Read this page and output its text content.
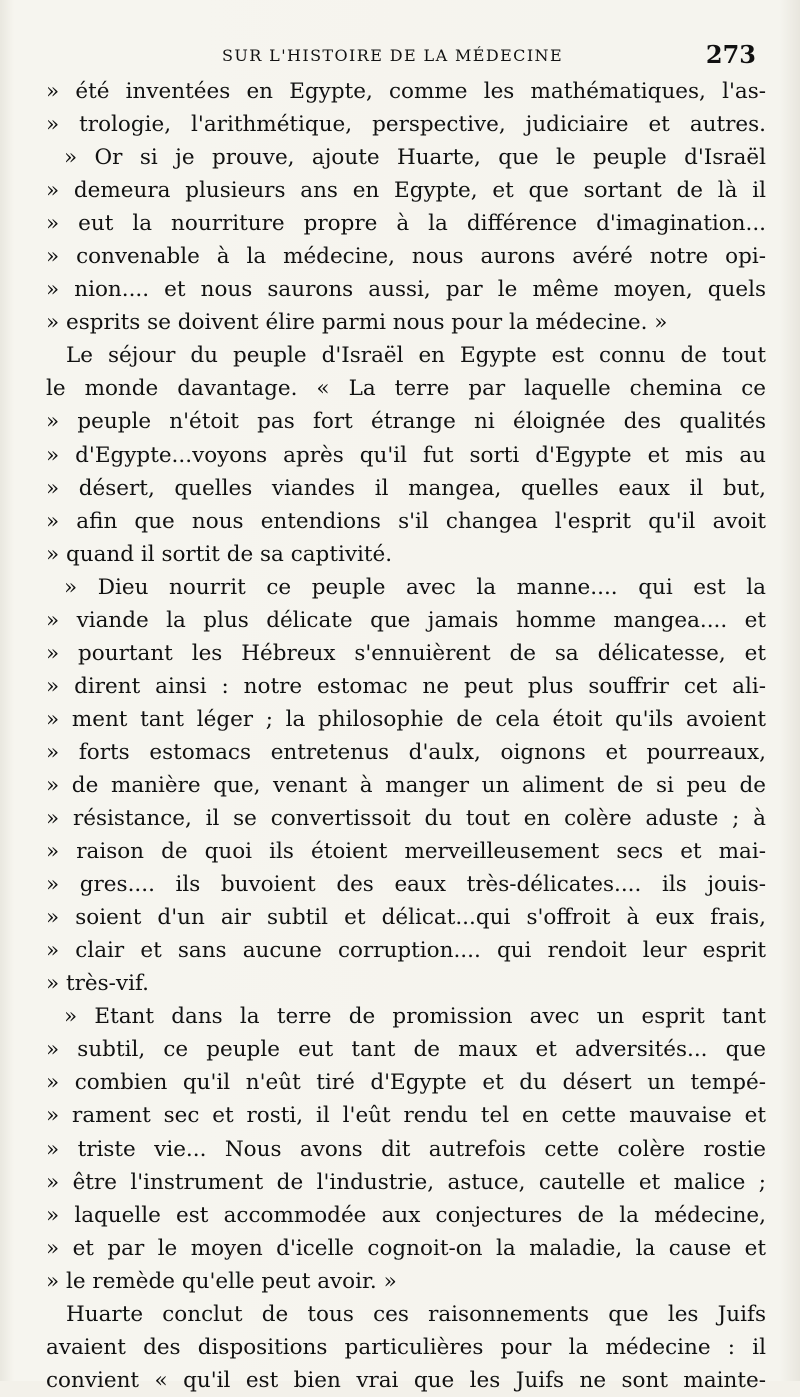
SUR L'HISTOIRE DE LA MÉDECINE	273
» été inventées en Egypte, comme les mathématiques, l'as-
» trologie, l'arithmétique, perspective, judiciaire et autres.
» Or si je prouve, ajoute Huarte, que le peuple d'Israël
» demeura plusieurs ans en Egypte, et que sortant de là il
» eut la nourriture propre à la différence d'imagination...
» convenable à la médecine, nous aurons avéré notre opi-
» nion.... et nous saurons aussi, par le même moyen, quels
» esprits se doivent élire parmi nous pour la médecine. »
Le séjour du peuple d'Israël en Egypte est connu de tout
le monde davantage. « La terre par laquelle chemina ce
» peuple n'étoit pas fort étrange ni éloignée des qualités
» d'Egypte...voyons après qu'il fut sorti d'Egypte et mis au
» désert, quelles viandes il mangea, quelles eaux il but,
» afin que nous entendions s'il changea l'esprit qu'il avoit
» quand il sortit de sa captivité.
» Dieu nourrit ce peuple avec la manne.... qui est la
» viande la plus délicate que jamais homme mangea.... et
» pourtant les Hébreux s'ennuièrent de sa délicatesse, et
» dirent ainsi : notre estomac ne peut plus souffrir cet ali-
» ment tant léger ; la philosophie de cela étoit qu'ils avoient
» forts estomacs entretenus d'aulx, oignons et pourreaux,
» de manière que, venant à manger un aliment de si peu de
» résistance, il se convertissoit du tout en colère aduste ; à
» raison de quoi ils étoient merveilleusement secs et mai-
» gres.... ils buvoient des eaux très-délicates.... ils jouis-
» soient d'un air subtil et délicat...qui s'offroit à eux frais,
» clair et sans aucune corruption.... qui rendoit leur esprit
» très-vif.
» Etant dans la terre de promission avec un esprit tant
» subtil, ce peuple eut tant de maux et adversités... que
» combien qu'il n'eût tiré d'Egypte et du désert un tempé-
» rament sec et rosti, il l'eût rendu tel en cette mauvaise et
» triste vie... Nous avons dit autrefois cette colère rostie
» être l'instrument de l'industrie, astuce, cautelle et malice ;
» laquelle est accommodée aux conjectures de la médecine,
» et par le moyen d'icelle cognoit-on la maladie, la cause et
» le remède qu'elle peut avoir. »
Huarte conclut de tous ces raisonnements que les Juifs
avaient des dispositions particulières pour la médecine : il
convient « qu'il est bien vrai que les Juifs ne sont mainte-
